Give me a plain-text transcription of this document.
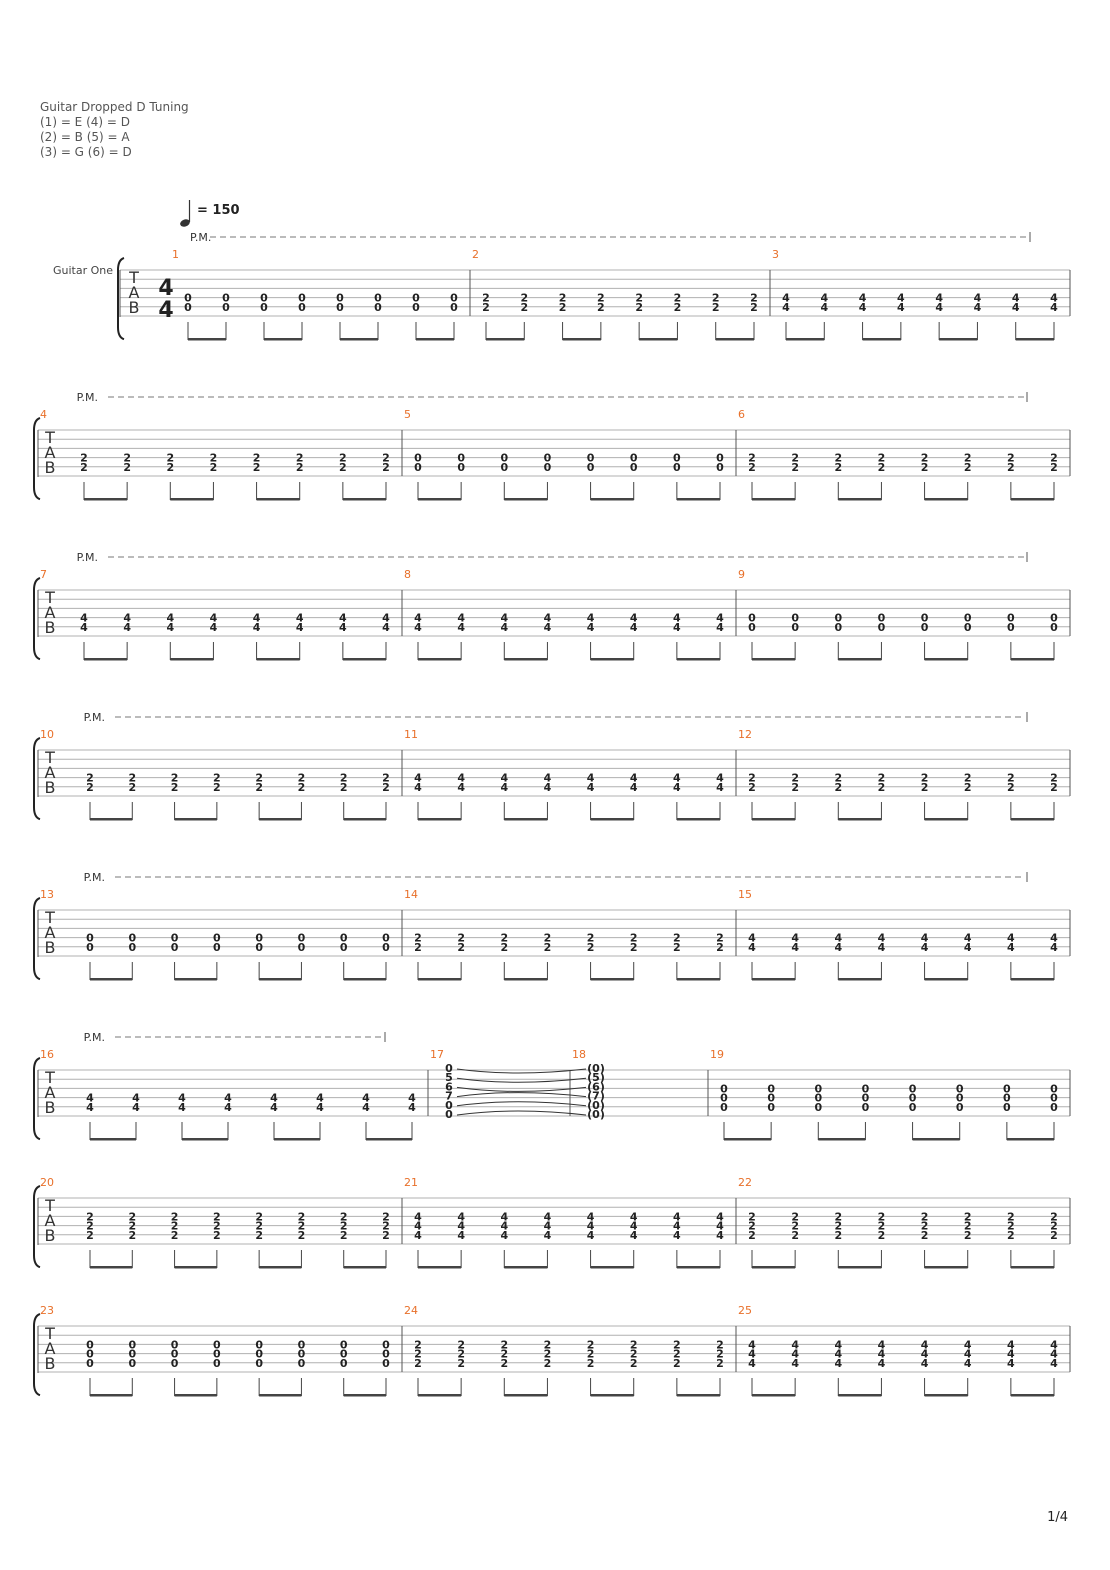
Guitar Dropped D Tuning
(1) = E (4) = D
(2) = B (5) = A
(3) = G (6) = D
T
A
B
P.M.
1
0
0
0
0
0
0
0
0
0
0
0
0
0
0
0
0
2
2
2
2
2
2
2
2
2
2
2
2
2
2
2
2
2
3
4
4
4
4
4
4
4
4
4
4
4
4
4
4
4
4
4
4
T
A
B
P.M.
4
2
2
2
2
2
2
2
2
2
2
2
2
2
2
2
2
5
0
0
0
0
0
0
0
0
0
0
0
0
0
0
0
0
6
2
2
2
2
2
2
2
2
2
2
2
2
2
2
2
2
T
A
B
P.M.
7
4
4
4
4
4
4
4
4
4
4
4
4
4
4
4
4
8
4
4
4
4
4
4
4
4
4
4
4
4
4
4
4
4
9
0
0
0
0
0
0
0
0
0
0
0
0
0
0
0
0
T
A
B
P.M.
10
2
2
2
2
2
2
2
2
2
2
2
2
2
2
2
2
11
4
4
4
4
4
4
4
4
4
4
4
4
4
4
4
4
12
2
2
2
2
2
2
2
2
2
2
2
2
2
2
2
2
T
A
B
P.M.
13
0
0
0
0
0
0
0
0
0
0
0
0
0
0
0
0
14
2
2
2
2
2
2
2
2
2
2
2
2
2
2
2
2
15
4
4
4
4
4
4
4
4
4
4
4
4
4
4
4
4
T
A
B
P.M.
16
4
4
4
4
4
4
4
4
4
4
4
4
4
4
4
4
17
0
5
6
7
0
0
18
(0)
(5)
(6)
(7)
(0)
(0)
19
0
0
0
0
0
0
0
0
0
0
0
0
0
0
0
0
0
0
0
0
0
0
0
0
T
A
B
20
2
2
2
2
2
2
2
2
2
2
2
2
2
2
2
2
2
2
2
2
2
2
2
2
21
4
4
4
4
4
4
4
4
4
4
4
4
4
4
4
4
4
4
4
4
4
4
4
4
22
2
2
2
2
2
2
2
2
2
2
2
2
2
2
2
2
2
2
2
2
2
2
2
2
T
A
B
23
0
0
0
0
0
0
0
0
0
0
0
0
0
0
0
0
0
0
0
0
0
0
0
0
24
2
2
2
2
2
2
2
2
2
2
2
2
2
2
2
2
2
2
2
2
2
2
2
2
25
4
4
4
4
4
4
4
4
4
4
4
4
4
4
4
4
4
4
4
4
4
4
4
4
= 150
Guitar One
1/4
